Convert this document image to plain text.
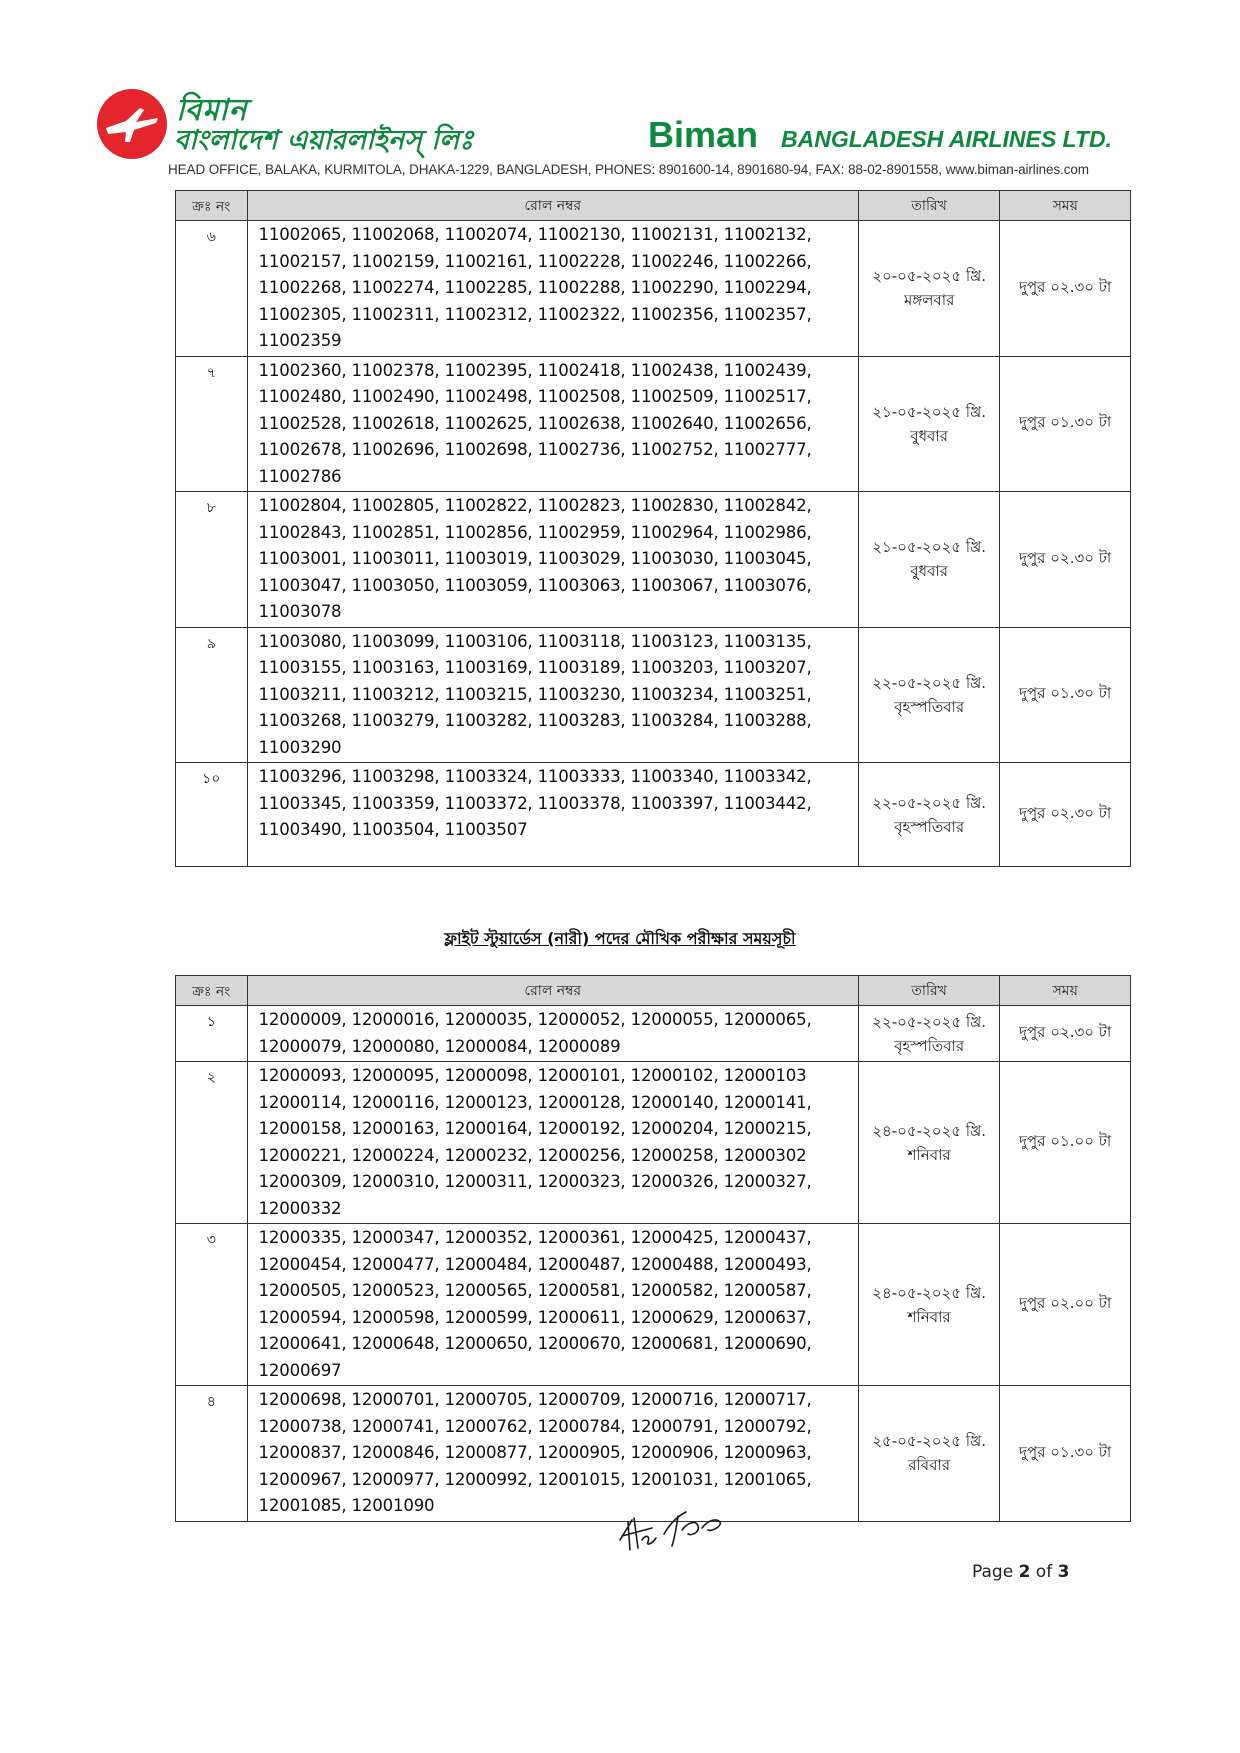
বিমান
বাংলাদেশ এয়ারলাইনস্ লিঃ	Biman BANGLADESH AIRLINES LTD.
HEAD OFFICE, BALAKA, KURMITOLA, DHAKA-1229, BANGLADESH, PHONES: 8901600-14, 8901680-94, FAX: 88-02-8901558, www.biman-airlines.com
ক্রঃ নং	রোল নম্বর	তারিখ	সময়
৬	11002065, 11002068, 11002074, 11002130, 11002131, 11002132, 11002157, 11002159, 11002161, 11002228, 11002246, 11002266, 11002268, 11002274, 11002285, 11002288, 11002290, 11002294, 11002305, 11002311, 11002312, 11002322, 11002356, 11002357, 11002359	২০-০৫-২০২৫ খ্রি.
মঙ্গলবার	দুপুর ০২.৩০ টা
৭	11002360, 11002378, 11002395, 11002418, 11002438, 11002439, 11002480, 11002490, 11002498, 11002508, 11002509, 11002517, 11002528, 11002618, 11002625, 11002638, 11002640, 11002656, 11002678, 11002696, 11002698, 11002736, 11002752, 11002777, 11002786	২১-০৫-২০২৫ খ্রি.
বুধবার	দুপুর ০১.৩০ টা
৮	11002804, 11002805, 11002822, 11002823, 11002830, 11002842, 11002843, 11002851, 11002856, 11002959, 11002964, 11002986, 11003001, 11003011, 11003019, 11003029, 11003030, 11003045, 11003047, 11003050, 11003059, 11003063, 11003067, 11003076, 11003078	২১-০৫-২০২৫ খ্রি.
বুধবার	দুপুর ০২.৩০ টা
৯	11003080, 11003099, 11003106, 11003118, 11003123, 11003135, 11003155, 11003163, 11003169, 11003189, 11003203, 11003207, 11003211, 11003212, 11003215, 11003230, 11003234, 11003251, 11003268, 11003279, 11003282, 11003283, 11003284, 11003288, 11003290	২২-০৫-২০২৫ খ্রি.
বৃহস্পতিবার	দুপুর ০১.৩০ টা
১০	11003296, 11003298, 11003324, 11003333, 11003340, 11003342, 11003345, 11003359, 11003372, 11003378, 11003397, 11003442, 11003490, 11003504, 11003507	২২-০৫-২০২৫ খ্রি.
বৃহস্পতিবার	দুপুর ০২.৩০ টা
ফ্লাইট স্টুয়ার্ডেস (নারী) পদের মৌখিক পরীক্ষার সময়সূচী
ক্রঃ নং	রোল নম্বর	তারিখ	সময়
১	12000009, 12000016, 12000035, 12000052, 12000055, 12000065, 12000079, 12000080, 12000084, 12000089	২২-০৫-২০২৫ খ্রি.
বৃহস্পতিবার	দুপুর ০২.৩০ টা
২	12000093, 12000095, 12000098, 12000101, 12000102, 12000103 12000114, 12000116, 12000123, 12000128, 12000140, 12000141, 12000158, 12000163, 12000164, 12000192, 12000204, 12000215, 12000221, 12000224, 12000232, 12000256, 12000258, 12000302 12000309, 12000310, 12000311, 12000323, 12000326, 12000327, 12000332	২৪-০৫-২০২৫ খ্রি.
শনিবার	দুপুর ০১.০০ টা
৩	12000335, 12000347, 12000352, 12000361, 12000425, 12000437, 12000454, 12000477, 12000484, 12000487, 12000488, 12000493, 12000505, 12000523, 12000565, 12000581, 12000582, 12000587, 12000594, 12000598, 12000599, 12000611, 12000629, 12000637, 12000641, 12000648, 12000650, 12000670, 12000681, 12000690, 12000697	২৪-০৫-২০২৫ খ্রি.
শনিবার	দুপুর ০২.০০ টা
৪	12000698, 12000701, 12000705, 12000709, 12000716, 12000717, 12000738, 12000741, 12000762, 12000784, 12000791, 12000792, 12000837, 12000846, 12000877, 12000905, 12000906, 12000963, 12000967, 12000977, 12000992, 12001015, 12001031, 12001065, 12001085, 12001090	২৫-০৫-২০২৫ খ্রি.
রবিবার	দুপুর ০১.৩০ টা
Page 2 of 3
